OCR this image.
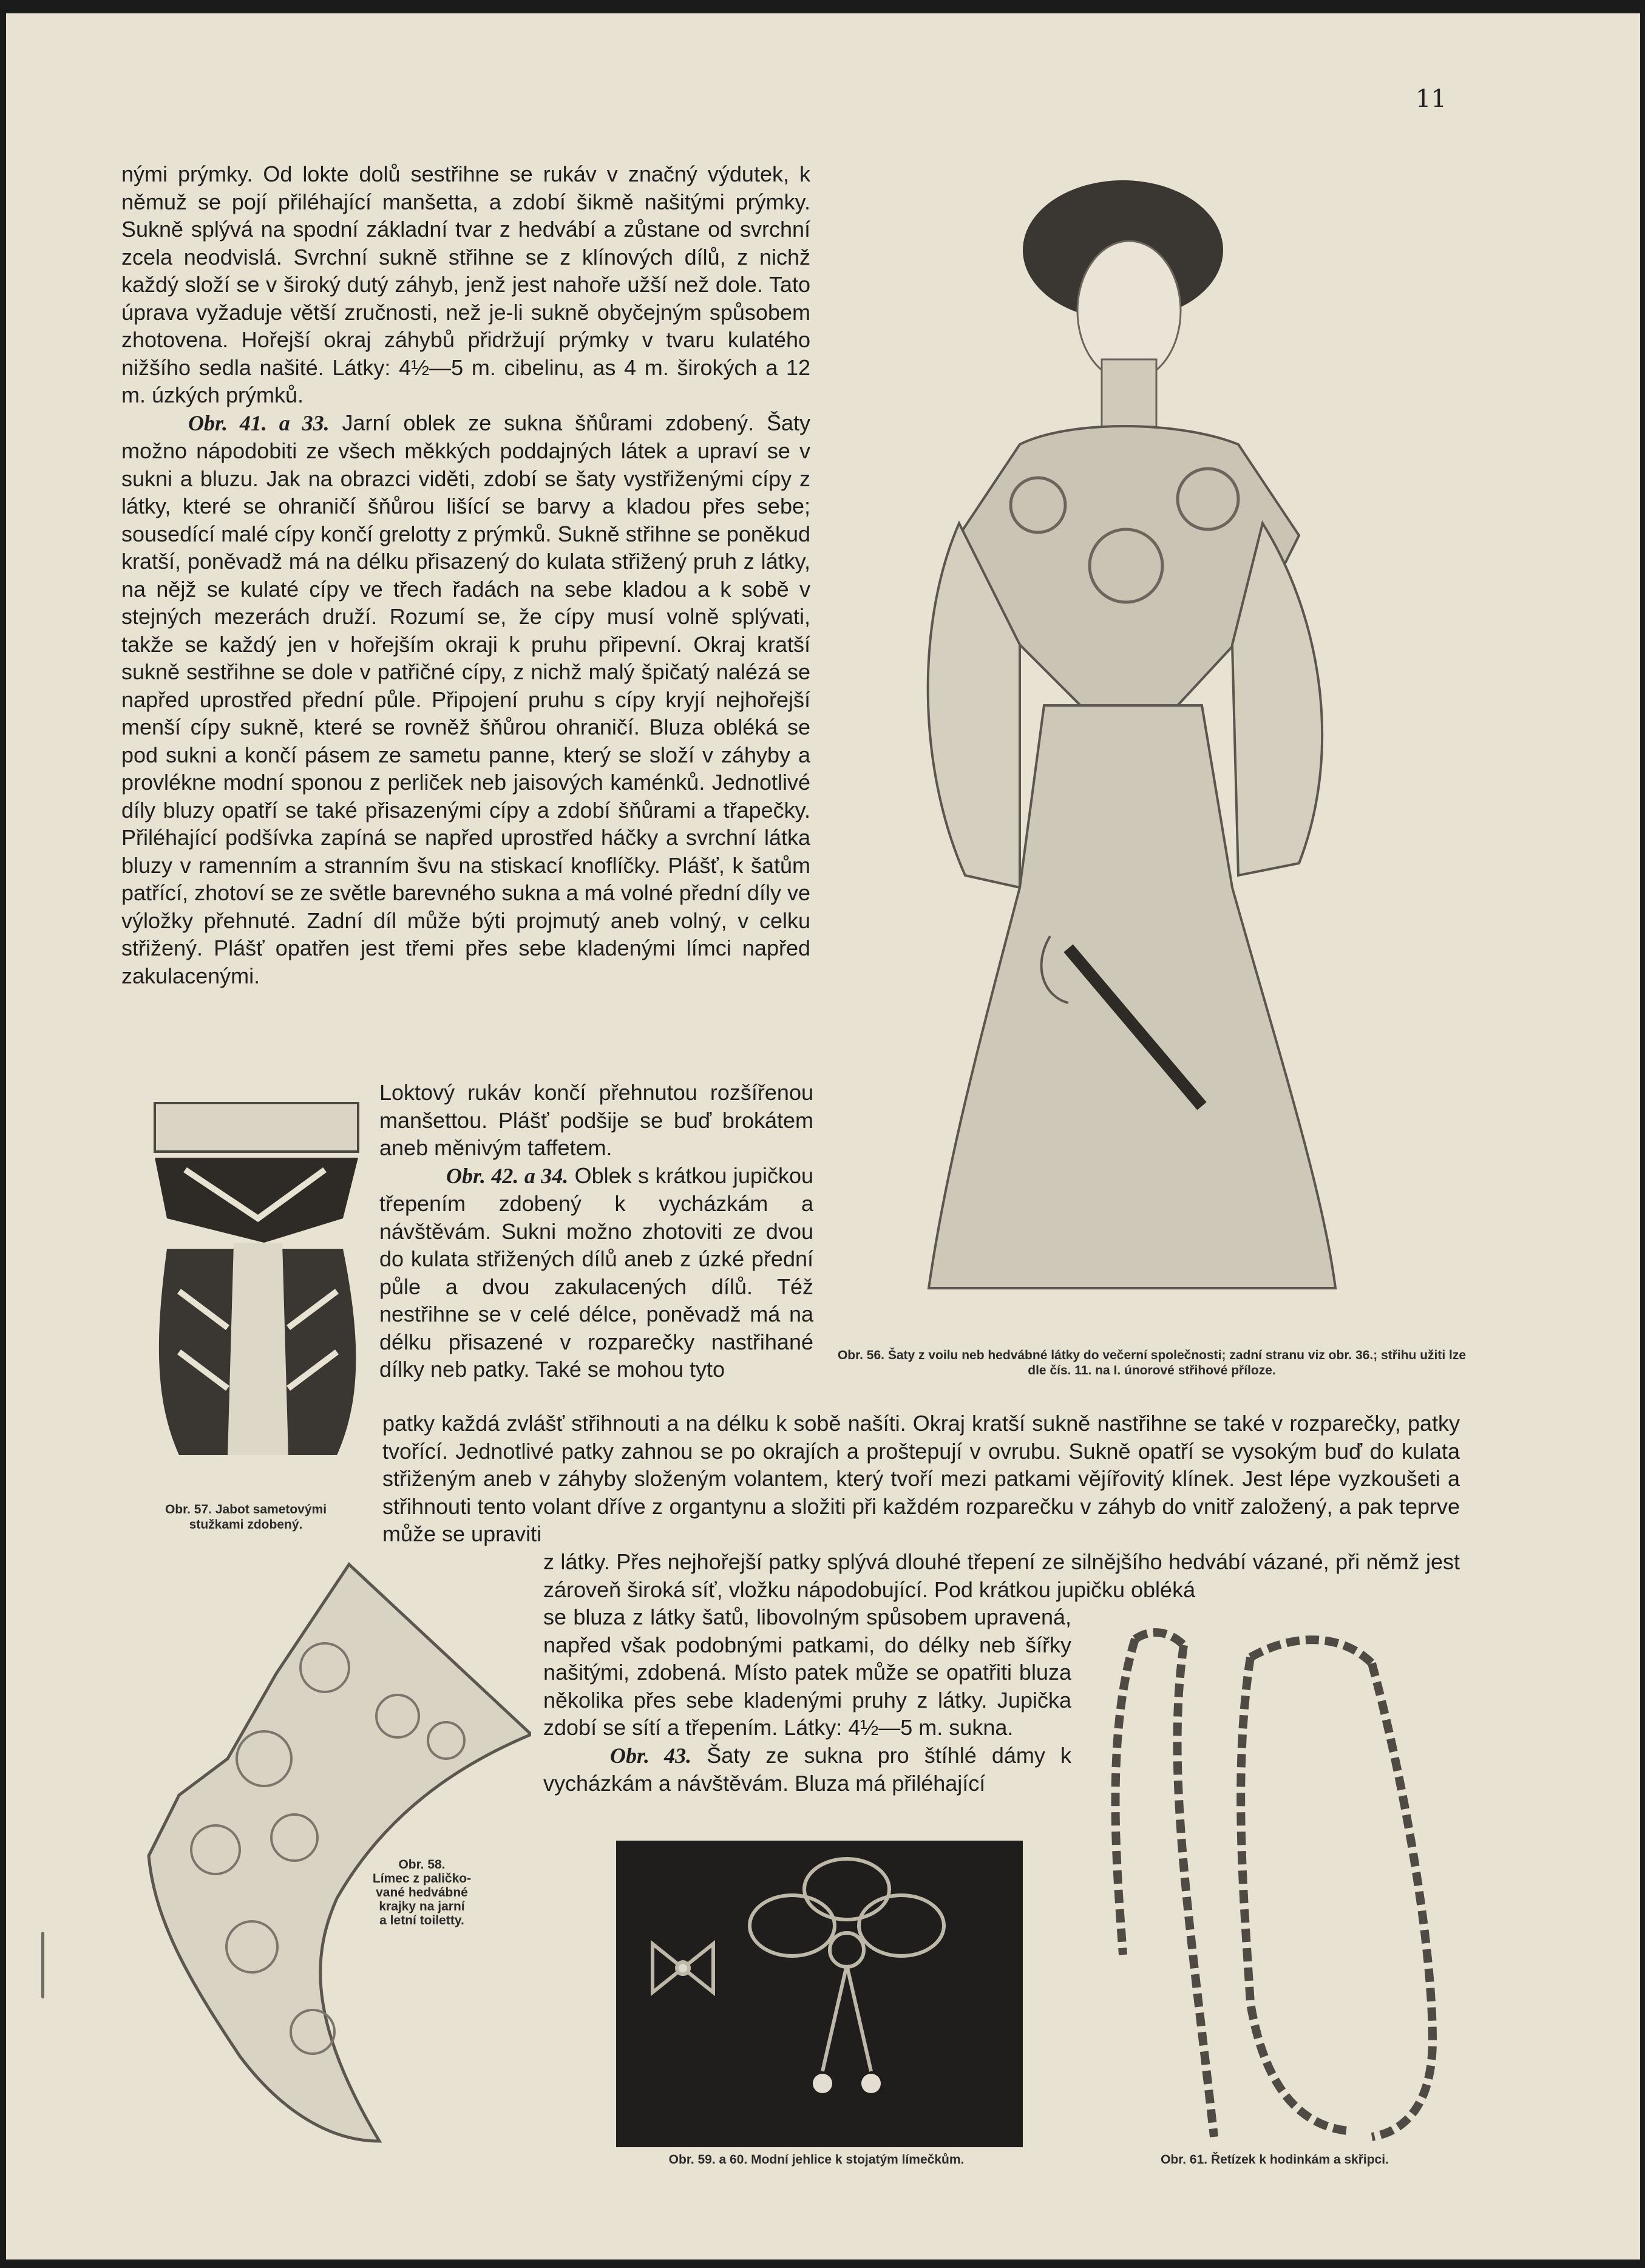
11

nými prýmky. Od lokte dolů sestřihne se rukáv v značný výdutek, k němuž se pojí přiléhající manšetta, a zdobí šikmě našitými prýmky. Sukně splývá na spodní základní tvar z hedvábí a zůstane od svrchní zcela neodvislá. Svrchní sukně střihne se z klínových dílů, z nichž každý složí se v široký dutý záhyb, jenž jest nahoře užší než dole. Tato úprava vyžaduje větší zručnosti, než je-li sukně obyčejným spůsobem zhotovena. Hořejší okraj záhybů přidržují prýmky v tvaru kulatého nižšího sedla našité. Látky: 4½—5 m. cibelinu, as 4 m. širokých a 12 m. úzkých prýmků.

Obr. 41. a 33. Jarní oblek ze sukna šňůrami zdobený. Šaty možno nápodobiti ze všech měkkých poddajných látek a upraví se v sukni a bluzu. Jak na obrazci viděti, zdobí se šaty vystřiženými cípy z látky, které se ohraničí šňůrou lišící se barvy a kladou přes sebe; sousedící malé cípy končí grelotty z prýmků. Sukně střihne se poněkud kratší, poněvadž má na délku přisazený do kulata střižený pruh z látky, na nějž se kulaté cípy ve třech řadách na sebe kladou a k sobě v stejných mezerách druží. Rozumí se, že cípy musí volně splývati, takže se každý jen v hořejším okraji k pruhu připevní. Okraj kratší sukně sestřihne se dole v patřičné cípy, z nichž malý špičatý nalézá se napřed uprostřed přední půle. Připojení pruhu s cípy kryjí nejhořejší menší cípy sukně, které se rovněž šňůrou ohraničí. Bluza obléká se pod sukni a končí pásem ze sametu panne, který se složí v záhyby a provlékne modní sponou z perliček neb jaisových kaménků. Jednotlivé díly bluzy opatří se také přisazenými cípy a zdobí šňůrami a třapečky. Přiléhající podšívka zapíná se napřed uprostřed háčky a svrchní látka bluzy v ramenním a stranním švu na stiskací knoflíčky. Plášť, k šatům patřící, zhotoví se ze světle barevného sukna a má volné přední díly ve výložky přehnuté. Zadní díl může býti projmutý aneb volný, v celku střižený. Plášť opatřen jest třemi přes sebe kladenými límci napřed zakulacenými.

Loktový rukáv končí přehnutou rozšířenou manšettou. Plášť podšije se buď brokátem aneb měnivým taffetem.

Obr. 42. a 34. Oblek s krátkou jupičkou třepením zdobený k vycházkám a návštěvám. Sukni možno zhotoviti ze dvou do kulata střižených dílů aneb z úzké přední půle a dvou zakulacených dílů. Též nestřihne se v celé délce, poněvadž má na délku přisazené v rozparečky nastřihané dílky neb patky. Také se mohou tyto

patky každá zvlášť střihnouti a na délku k sobě našíti. Okraj kratší sukně nastřihne se také v rozparečky, patky tvořící. Jednotlivé patky zahnou se po okrajích a proštepují v ovrubu. Sukně opatří se vysokým buď do kulata střiženým aneb v záhyby složeným volantem, který tvoří mezi patkami vějířovitý klínek. Jest lépe vyzkoušeti a střihnouti tento volant dříve z organtynu a složiti při každém rozparečku v záhyb do vnitř založený, a pak teprve může se upraviti

z látky. Přes nejhořejší patky splývá dlouhé třepení ze silnějšího hedvábí vázané, při němž jest zároveň široká síť, vložku nápodobující. Pod krátkou jupičku obléká

se bluza z látky šatů, libovolným spůsobem upravená, napřed však podobnými patkami, do délky neb šířky našitými, zdobená. Místo patek může se opatřiti bluza několika přes sebe kladenými pruhy z látky. Jupička zdobí se sítí a třepením. Látky: 4½—5 m. sukna.

Obr. 43. Šaty ze sukna pro štíhlé dámy k vycházkám a návštěvám. Bluza má přiléhající

Obr. 56. Šaty z voilu neb hedvábné látky do večerní společnosti; zadní stranu viz obr. 36.; střihu užiti lze dle čís. 11. na I. únorové střihové příloze.
Obr. 57. Jabot sametovými
stužkami zdobený.
Obr. 58.
Límec z paličko-
vané hedvábné
krajky na jarní
a letní toiletty.
Obr. 59. a 60. Modní jehlice k stojatým límečkům.	Obr. 61. Řetízek k hodinkám a skřipci.
